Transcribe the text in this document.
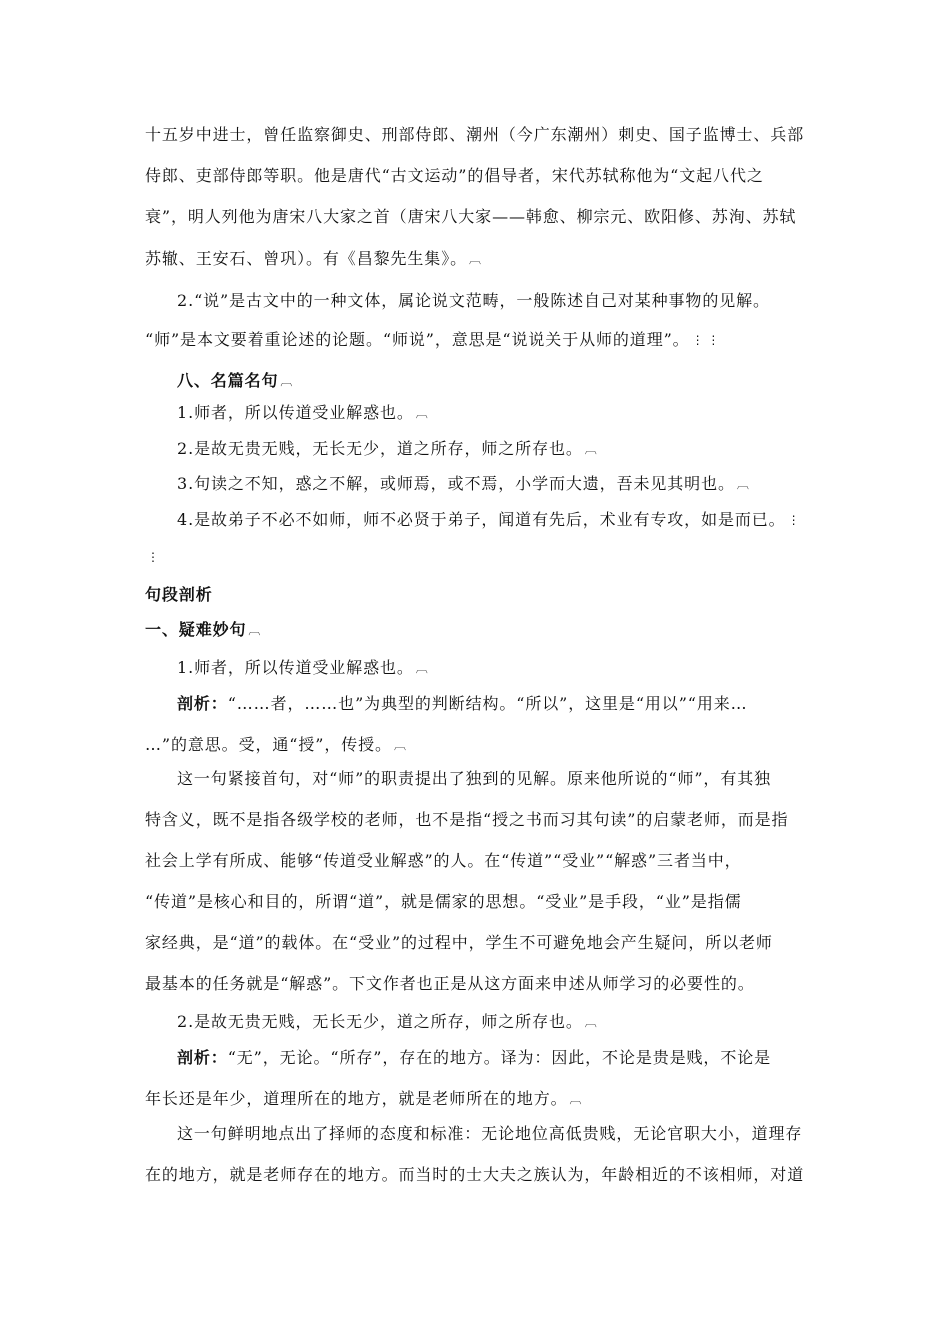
十五岁中进士，曾任监察御史、刑部侍郎、潮州（今广东潮州）刺史、国子监博士、兵部
侍郎、吏部侍郎等职。他是唐代“古文运动”的倡导者，宋代苏轼称他为“文起八代之
衰”，明人列他为唐宋八大家之首（唐宋八大家——韩愈、柳宗元、欧阳修、苏洵、苏轼
苏辙、王安石、曾巩）。有《昌黎先生集》。 ︹
2.“说”是古文中的一种文体，属论说文范畴，一般陈述自己对某种事物的见解。
“师”是本文要着重论述的论题。“师说”，意思是“说说关于从师的道理”。 ⋮ ⋮
八、名篇名句 ︹
1.师者，所以传道受业解惑也。 ︹
2.是故无贵无贱，无长无少，道之所存，师之所存也。 ︹
3.句读之不知，惑之不解，或师焉，或不焉，小学而大遗，吾未见其明也。 ︹
4.是故弟子不必不如师，师不必贤于弟子，闻道有先后，术业有专攻，如是而已。 ⋮
⋮
句段剖析
一、疑难妙句 ︹
1.师者，所以传道受业解惑也。 ︹
剖析：“……者，……也”为典型的判断结构。“所以”，这里是“用以”“用来…
…”的意思。受，通“授”，传授。 ︹
这一句紧接首句，对“师”的职责提出了独到的见解。原来他所说的“师”，有其独
特含义，既不是指各级学校的老师，也不是指“授之书而习其句读”的启蒙老师，而是指
社会上学有所成、能够“传道受业解惑”的人。在“传道”“受业”“解惑”三者当中，
“传道”是核心和目的，所谓“道”，就是儒家的思想。“受业”是手段，“业”是指儒
家经典，是“道”的载体。在“受业”的过程中，学生不可避免地会产生疑问，所以老师
最基本的任务就是“解惑”。下文作者也正是从这方面来申述从师学习的必要性的。
2.是故无贵无贱，无长无少，道之所存，师之所存也。 ︹
剖析：“无”，无论。“所存”，存在的地方。译为：因此，不论是贵是贱，不论是
年长还是年少，道理所在的地方，就是老师所在的地方。 ︹
这一句鲜明地点出了择师的态度和标准：无论地位高低贵贱，无论官职大小，道理存
在的地方，就是老师存在的地方。而当时的士大夫之族认为，年龄相近的不该相师，对道
